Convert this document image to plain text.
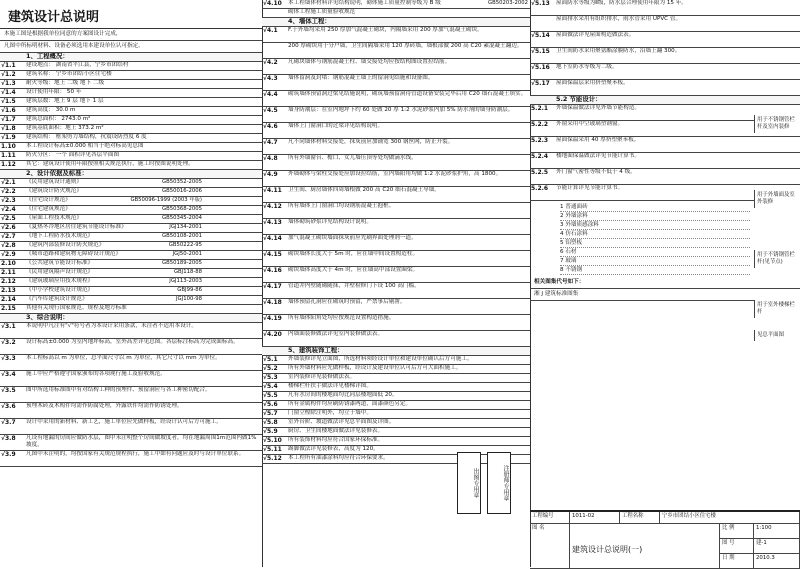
建筑设计总说明
本施工图是根据我单位同意的方案图设计完成，
凡图中所标明材料、设备必须选用本建设单位认可指定。
1、工程概况：
√1.1	建设地点： 湖南省平江县，宁乡市团结村
√1.2	建筑名称： 宁乡市团结小区住宅楼
√1.3	耐火等级：地上 二级 地下 二级
√1.4	设计使用年限： 50 年
√1.5	建筑层数：地上 9 层 地下 1 层
√1.6	建筑高度： 30.0 m
√1.7	建筑总面积： 2743.0 m²
√1.8	建筑基底面积：地上 373.2 m²
√1.9	建筑结构： 框架剪力墙结构，抗震设防烈度 6 度
1.10	本工程设计标高±0.000 相当于绝对标高见总图
1.11	防火分区： 一个 面积详见各层平面图
1.12	其它：建筑设计使用年限按照相关规范执行，施工时按图说明处理。
2、设计依据及标准：
√2.1	《民用建筑设计通则》	GB50352-2005
√2.2	《建筑设计防火规范》	GB50016-2006
√2.3	《住宅设计规范》	GB50096-1999 (2003 年版)
√2.4	《住宅建筑规范》	GB50368-2005
√2.5	《屋面工程技术规范》	GB50345-2004
√2.6	《夏热冬冷地区居住建筑节能设计标准》	JGJ134-2001
√2.7	《地下工程防水技术规范》	GB50108-2001
√2.8	《建筑内部装修设计防火规范》	GB50222-95
√2.9	《城市道路和建筑物无障碍设计规范》	JGJ50-2001
2.10	《公共建筑节能设计标准》	GB50189-2005
2.11	《民用建筑隔声设计规范》	GBJ118-88
2.12	《建筑玻璃应用技术规程》	JGJ113-2003
2.13	《中小学校建筑设计规范》	GBJ99-86
2.14	《汽车库建筑设计规范》	JGJ100-98
2.15	其他有关现行国家规范、规程及地方标准
3、综合说明：
√3.1	本说明中凡注有"√"符号者为本设计采用条款，未注者不适用本设计。
√3.2	设计标高±0.000 为室内地坪标高，室外高差详见总图。各层标注标高为完成面标高。
√3.3	本工程标高以 m 为单位，总平面尺寸以 m 为单位，其它尺寸以 mm 为单位。
√3.4	施工中应严格遵守国家颁布的各项现行施工及验收规范。
√3.5	图中所选用标准图中有对结构工种的预埋件、预留洞应与各工种密切配合。
√3.6	预埋木砖及木构件均需作防腐处理，外露铁件均需作防锈处理。
√3.7	设计中采用的新材料、新工艺，施工单位应先做样板，经设计认可后方可施工。
√3.8	凡设有地漏的房间应做防水层，图中未注明整个房间做坡度者，均在地漏周围1m范围内做1%坡度。
√3.9	凡图中未注明的，均按国家有关规范规程执行，施工中如有问题应及时与设计单位联系。
√4.10	本工程墙体材料详见结构说明，砌体施工质量控制等级为 B 级	GB50203-2002
砌体工程施工质量验收规范
4、墙体工程：
√4.1	F.于外墙均采用 250 厚加气混凝土砌块，内隔墙采用 200 厚加气混凝土砌块。
200 厚砌块用于分户墙，卫生间隔墙采用 120 厚砖墙，墙根部做 200 高 C20 素混凝土翻边。
√4.2	凡砌块墙体与钢筋混凝土柱、墙交接处均应按结构图设置拉结筋。
√4.3	墙体留洞及封堵：钢筋混凝土墙上的留洞见结施和设备图。
√4.4	砌筑墙体预留洞过梁见结施说明，砌筑墙预留洞待管道设备安装完毕后用 C20 细石混凝土填实。
√4.5	墙身防潮层：在室内地坪下约 60 处做 20 厚 1:2 水泥砂浆内加 5% 防水剂的墙身防潮层。
√4.6	墙体上门窗洞口的过梁详见结构说明。
√4.7	凡不同墙体材料交接处，抹灰前应加铺宽 300 钢丝网，防止开裂。
√4.8	所有外墙窗台、檐口、女儿墙压顶等处均做滴水线。
√4.9	外墙砌体与梁柱交接处应加设拉结筋，室内墙阳角均做 1:2 水泥砂浆护角，高 1800。
√4.11	卫生间、厨房墙体四周墙根做 200 高 C20 细石混凝土导墙。
√4.12	所有墙体上门窗洞口均设钢筋混凝土抱框。
√4.13	墙体砌筑砂浆详见结构设计说明。
√4.14	加气混凝土砌块墙面抹灰前应先刷界面处理剂一道。
√4.15	砌块墙体长度大于 5m 时，应在墙中间设置构造柱。
√4.16	砌块墙体高度大于 4m 时，应在墙高中部设置圈梁。
√4.17	管道井内壁随砌随抹，井壁检修门下设 100 高门槛。
√4.18	墙体预留孔洞应在砌筑时预留，严禁事后剔凿。
√4.19	所有墙体阳角处均应按规范设置构造措施。
√4.20	内墙面装修做法详见室内装修做法表。
5、建筑装饰工程：
√5.1	外墙装修详见立面图，所选材料须经设计单位和建设单位确认后方可施工。
√5.2	所有外墙材料应先做样板，经设计及建设单位认可后方可大面积施工。
√5.3	室内装修详见装修做法表。
√5.4	楼梯栏杆扶手做法详见楼梯详图。
√5.5	凡有水房间的楼地面均比同层楼地面低 20。
√5.6	所有金属构件均应刷防锈漆两道，面漆颜色另定。
√5.7	门窗立樘除注明外，均立于墙中。
√5.8	室外台阶、坡道做法详见总平面图及详图。
√5.9	厨房、卫生间楼地面做法详见装修表。
√5.10	所有装饰材料均应符合国家环保标准。
√5.11	踢脚做法详见装修表，高度为 120。
√5.12	本工程所有油漆涂料均应符合环保要求。
出图专用章	注册师专用章
√5.13	屋面防水等级为Ⅱ级，防水层合理使用年限为 15 年。
屋面排水采用有组织排水，雨水管采用 UPVC 管。
√5.14	屋面做法详见屋面构造做法表。
√5.15	卫生间防水采用聚氨酯涂膜防水，沿墙上翻 300。
√5.16	地下室防水等级为二级。
√5.17	屋面保温层采用挤塑聚苯板。
5.2 节能设计：
5.2.1	外墙保温做法详见外墙节能构造。
5.2.2	外窗采用中空玻璃塑钢窗。
5.2.3	屋面保温采用 40 厚挤塑聚苯板。
5.2.4	楼地面保温做法详见节能计算书。
5.2.5	外门窗气密性等级不低于 4 级。
5.2.6	节能计算详见节能计算书。
1 普通面砖
2 外墙涂料
3 外墙质感涂料
4 仿石涂料
5 铝塑板
6 石材
7 玻璃
8 不锈钢
相关图集代号如下：
湘 J 建筑标准图集
用于不锈钢管栏杆及室内装修
用于外墙面及室外装修
用于不锈钢管栏杆(见节点)
用于室外楼梯栏杆
见总平面图
工程编号	1011-02	工程名称	宁乡市团结小区住宅楼
图 名
建筑设计总说明(一)
比 例	1:100
图 号	建-1
日 期	2010.3
